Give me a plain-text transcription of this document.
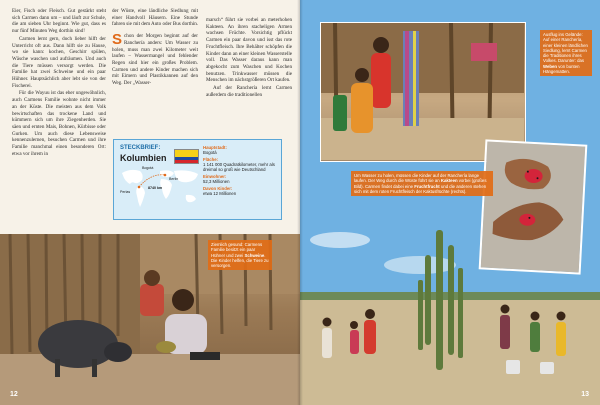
Eier, Fisch oder Fleisch. Gut gestärkt steht sich Carmen dann um – und läuft zur Schule, die am sieben Uhr beginnt. Wie gut, dass es nur fünf Minuten Weg dorthin sind!

Carmen lernt gern, doch lieber hilft der Unterricht oft aus. Dann hilft sie zu Hause, wo sie kann: kochen, Geschirr spülen, Wäsche waschen und aufräumen. Und auch die Tiere müssen versorgt werden. Die Familie hat zwei Schweine und ein paar Hühner. Hauptsächlich aber lebt sie von der Fischerei.

Für die Wayuu ist das eher ungewöhnlich, auch Carmens Familie wohnte nicht immer an der Küste. Die meisten aus dem Volk bewirtschaften das trockene Land und kümmern sich um ihre Ziegenherden. Sie säen und ernten Mais, Bohnen, Kürbisse oder Gurken. Um auch diese Lebensweise kennenzulernen, besuchen Carmen und ihre Familie manchmal einen besonderen Ort: etwa vor ihrem in

der Wüste, eine ländliche Siedlung mit einer Handvoll Häusern. Eine Stunde fahren sie mit dem Auto oder Bus dorthin.

Schon der Morgen beginnt auf der Ranchería anders: Um Wasser zu holen, muss man zwei Kilometer weit laufen – Wassermangel und fehlender Regen sind hier ein großes Problem. Carmen und andere Kinder machen sich mit Eimern und Plastikkannen auf den Weg. Der „Wasser-

marsch“ führt sie vorbei an meterhohen Kakteen. An ihren stacheligen Armen wachsen Früchte. Vorsichtig pflückt Carmen ein paar davon und isst das rote Fruchtfleisch. Ihre Behälter schöpfen die Kinder dann an einer kleinen Wasserstelle voll. Das Wasser daraus kann man abgekocht zum Waschen und Kochen benutzen. Trinkwasser müssen die Menschen im nächstgrößeren Ort kaufen.

Auf der Ranchería lernt Carmen außerdem die traditionellen

STECKBRIEF:
Kolumbien
Bogotá
Perlas
8740 km
Berlin
Hauptstadt:
Bogotá
Fläche:
1 141 000 Quadratkilometer, mehr als dreimal so groß wie Deutschland
Einwohner:
52,3 Millionen
Davon Kinder:
etwa 12 Millionen
Ziemlich gesund: Carmens Familie besitzt ein paar Hühner und zwei Schweine. Die Kinder helfen, die Tiere zu versorgen.
12
Ausflug ins Gelände: Auf einer Ranchería, einer kleinen ländlichen Siedlung, lernt Carmen die Traditionen ihres Volkes. Darunter: das Weben von bunten Hängematten.
Um Wasser zu holen, müssen die Kinder auf der Ranchería lange laufen. Der Weg durch die Wüste führt sie an Kakteen vorbei (großes Bild). Carmen findet dabei eine Fruchtfrucht und die anderen stehen sich mit dem roten Fruchtfleisch der Kaktusfrüchte (rechts).
13
